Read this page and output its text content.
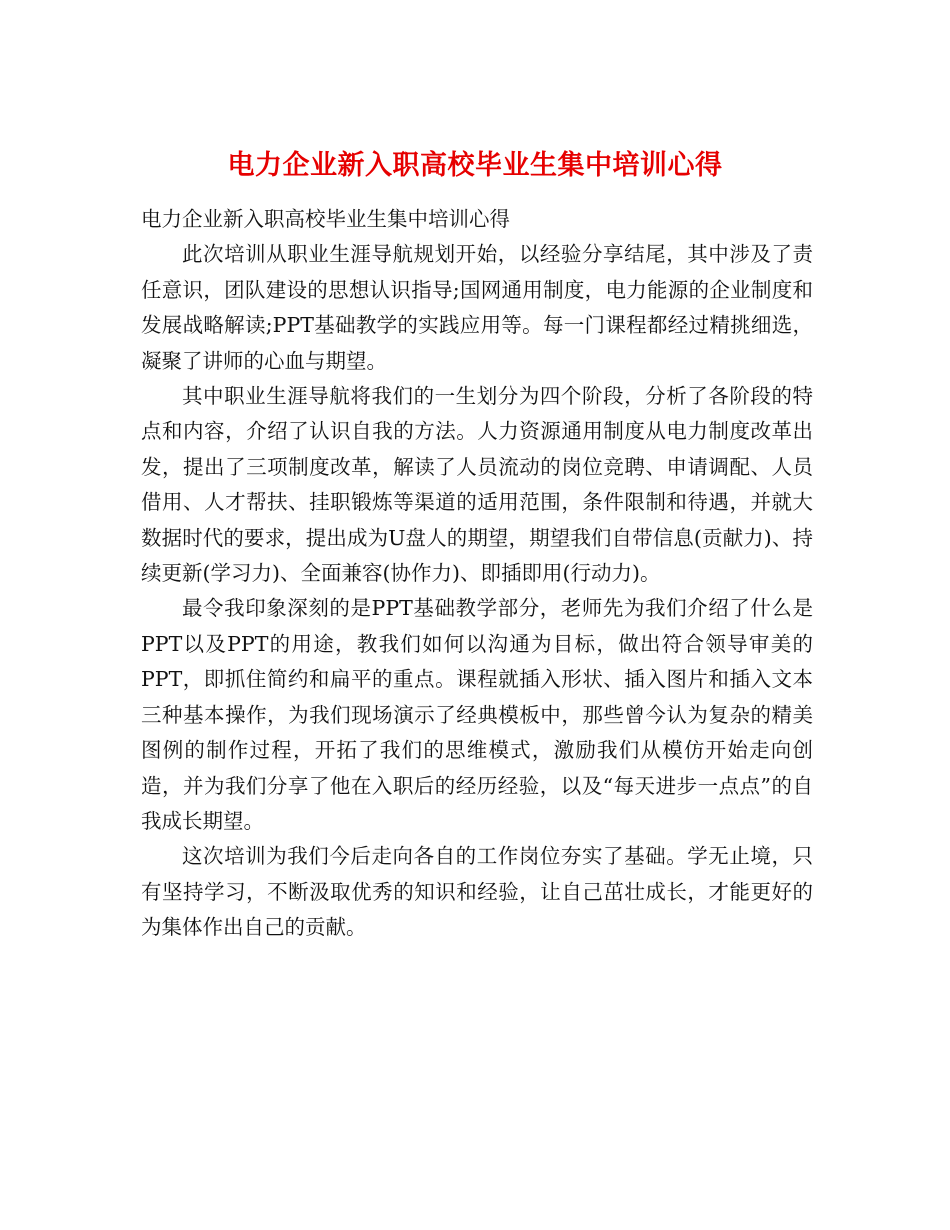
电力企业新入职高校毕业生集中培训心得

电力企业新入职高校毕业生集中培训心得

此次培训从职业生涯导航规划开始，以经验分享结尾，其中涉及了责任意识，团队建设的思想认识指导;国网通用制度，电力能源的企业制度和发展战略解读;PPT基础教学的实践应用等。每一门课程都经过精挑细选，凝聚了讲师的心血与期望。

其中职业生涯导航将我们的一生划分为四个阶段，分析了各阶段的特点和内容，介绍了认识自我的方法。人力资源通用制度从电力制度改革出发，提出了三项制度改革，解读了人员流动的岗位竞聘、申请调配、人员借用、人才帮扶、挂职锻炼等渠道的适用范围，条件限制和待遇，并就大数据时代的要求，提出成为U盘人的期望，期望我们自带信息(贡献力)、持续更新(学习力)、全面兼容(协作力)、即插即用(行动力)。

最令我印象深刻的是PPT基础教学部分，老师先为我们介绍了什么是PPT以及PPT的用途，教我们如何以沟通为目标，做出符合领导审美的PPT，即抓住简约和扁平的重点。课程就插入形状、插入图片和插入文本三种基本操作，为我们现场演示了经典模板中，那些曾今认为复杂的精美图例的制作过程，开拓了我们的思维模式，激励我们从模仿开始走向创造，并为我们分享了他在入职后的经历经验，以及“每天进步一点点”的自我成长期望。

这次培训为我们今后走向各自的工作岗位夯实了基础。学无止境，只有坚持学习，不断汲取优秀的知识和经验，让自己茁壮成长，才能更好的为集体作出自己的贡献。
